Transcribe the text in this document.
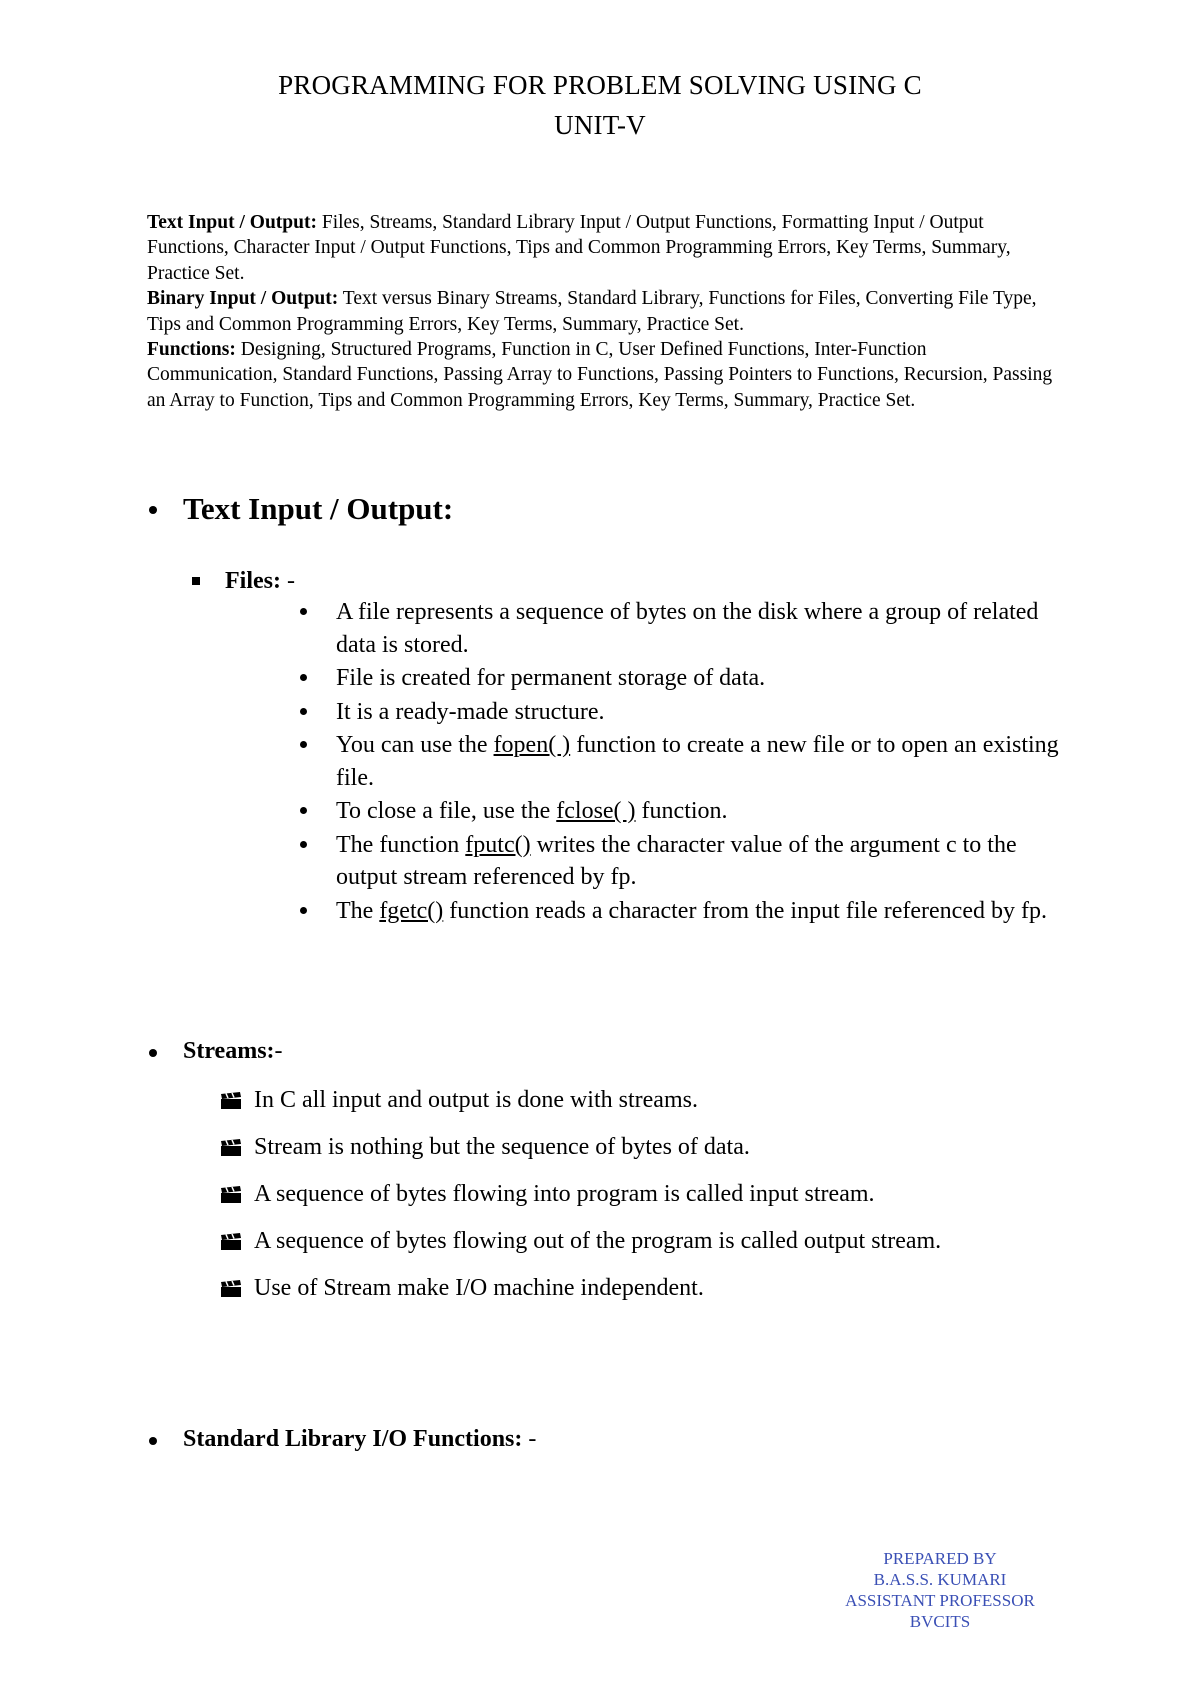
PROGRAMMING FOR PROBLEM SOLVING USING C
UNIT-V

Text Input / Output: Files, Streams, Standard Library Input / Output Functions, Formatting Input / Output Functions, Character Input / Output Functions, Tips and Common Programming Errors, Key Terms, Summary, Practice Set.

Binary Input / Output: Text versus Binary Streams, Standard Library, Functions for Files, Converting File Type, Tips and Common Programming Errors, Key Terms, Summary, Practice Set.

Functions: Designing, Structured Programs, Function in C, User Defined Functions, Inter-Function Communication, Standard Functions, Passing Array to Functions, Passing Pointers to Functions, Recursion, Passing an Array to Function, Tips and Common Programming Errors, Key Terms, Summary, Practice Set.

Text Input / Output:
Files: -
A file represents a sequence of bytes on the disk where a group of related data is stored.
File is created for permanent storage of data.
It is a ready-made structure.
You can use the fopen( ) function to create a new file or to open an existing file.
To close a file, use the fclose( ) function.
The function fputc() writes the character value of the argument c to the output stream referenced by fp.
The fgetc() function reads a character from the input file referenced by fp.
Streams:-
In C all input and output is done with streams.
Stream is nothing but the sequence of bytes of data.
A sequence of bytes flowing into program is called input stream.
A sequence of bytes flowing out of the program is called output stream.
Use of Stream make I/O machine independent.
Standard Library I/O Functions: -
PREPARED BY
B.A.S.S. KUMARI
ASSISTANT PROFESSOR
BVCITS
